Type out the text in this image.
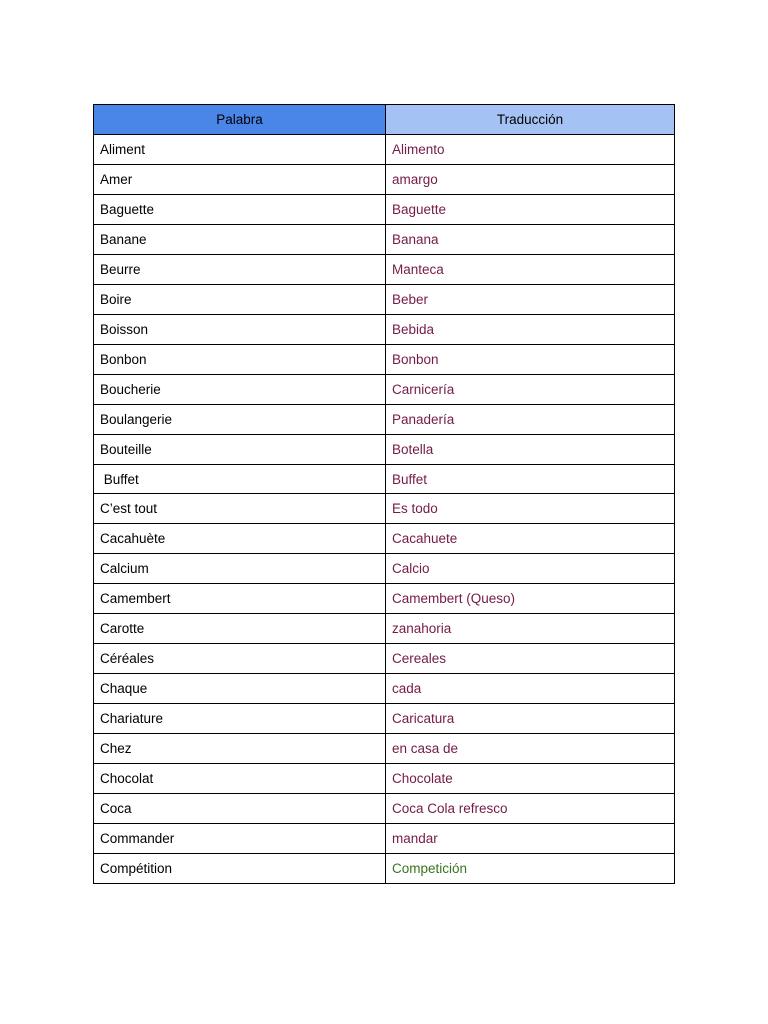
Palabra	Traducción
Aliment	Alimento
Amer	amargo
Baguette	Baguette
Banane	Banana
Beurre	Manteca
Boire	Beber
Boisson	Bebida
Bonbon	Bonbon
Boucherie	Carnicería
Boulangerie	Panadería
Bouteille	Botella
Buffet	Buffet
C’est tout	Es todo
Cacahuète	Cacahuete
Calcium	Calcio
Camembert	Camembert (Queso)
Carotte	zanahoria
Céréales	Cereales
Chaque	cada
Chariature	Caricatura
Chez	en casa de
Chocolat	Chocolate
Coca	Coca Cola refresco
Commander	mandar
Compétition	Competición
